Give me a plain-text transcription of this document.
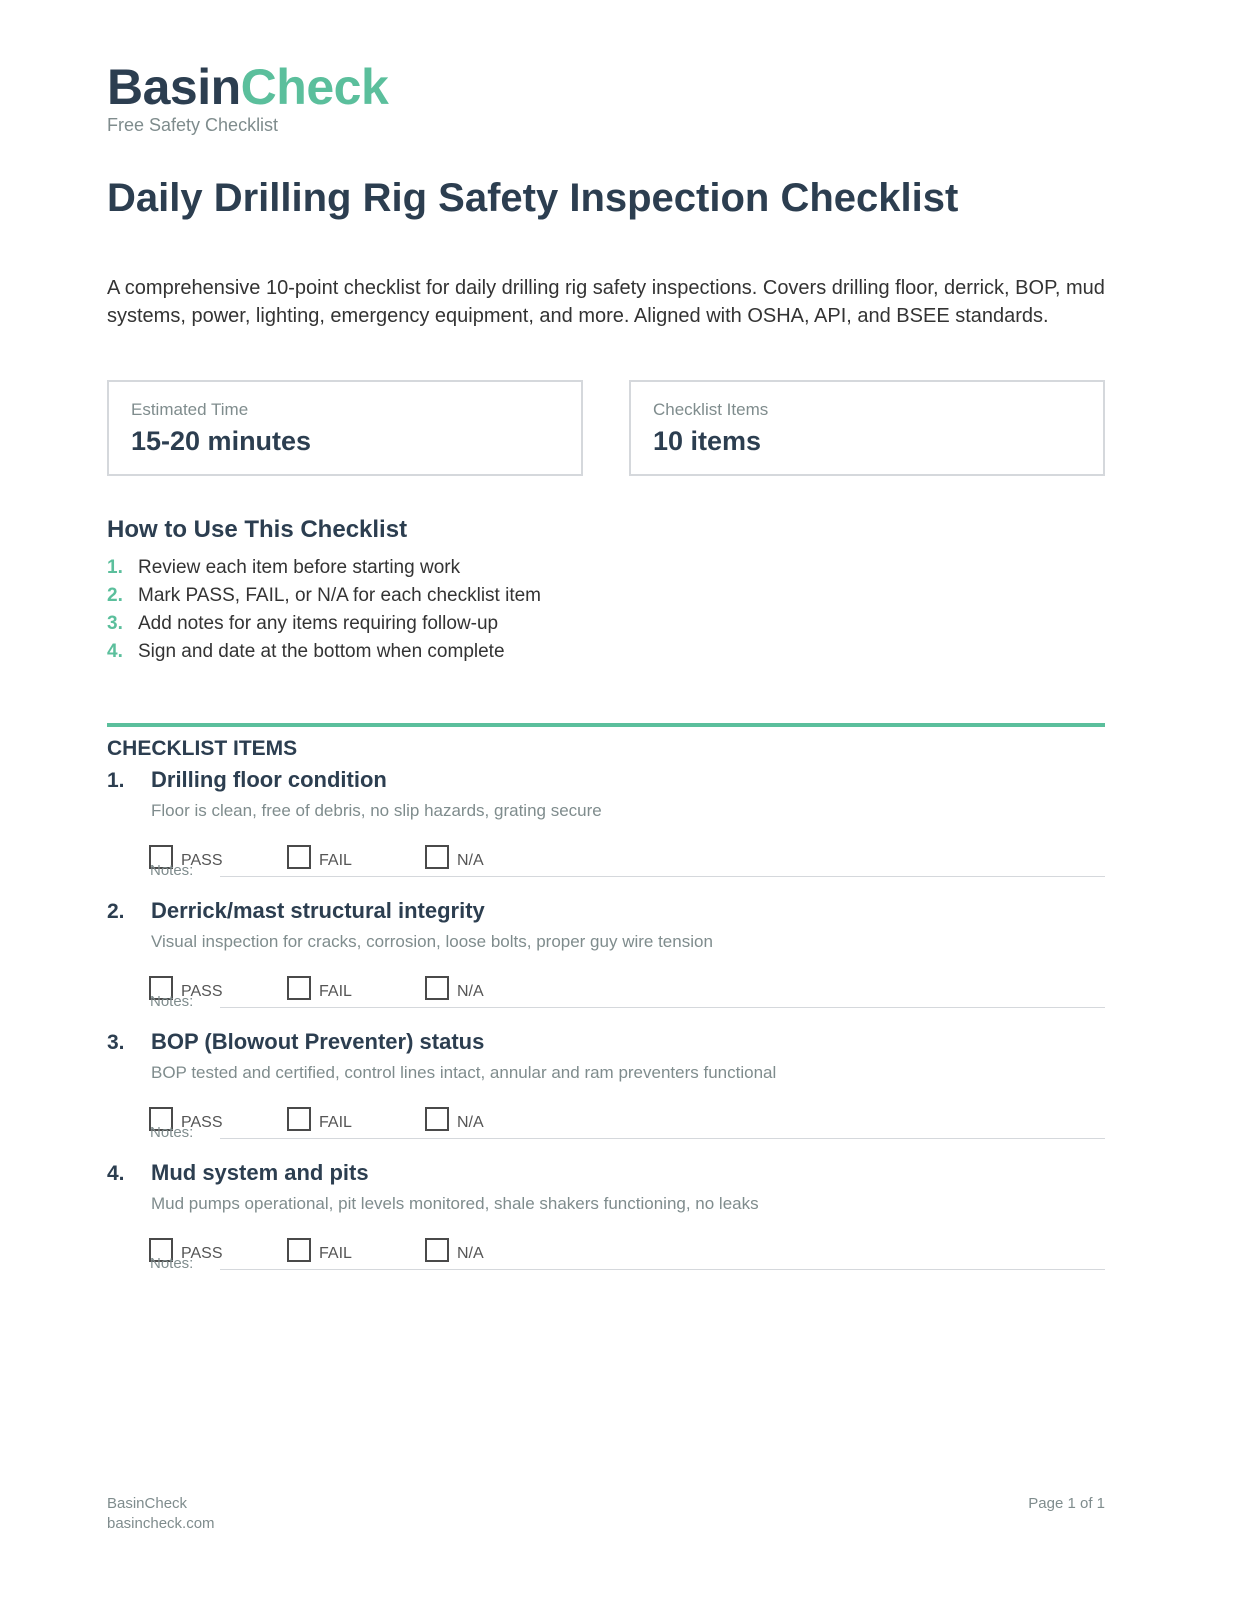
BasinCheck
Free Safety Checklist
Daily Drilling Rig Safety Inspection Checklist

A comprehensive 10-point checklist for daily drilling rig safety inspections. Covers drilling floor, derrick, BOP, mud systems, power, lighting, emergency equipment, and more. Aligned with OSHA, API, and BSEE standards.

Estimated Time
15-20 minutes
Checklist Items
10 items
How to Use This Checklist
1. Review each item before starting work
2. Mark PASS, FAIL, or N/A for each checklist item
3. Add notes for any items requiring follow-up
4. Sign and date at the bottom when complete
CHECKLIST ITEMS
1.	Drilling floor condition
Floor is clean, free of debris, no slip hazards, grating secure
PASS	FAIL	N/A
Notes:
2.	Derrick/mast structural integrity
Visual inspection for cracks, corrosion, loose bolts, proper guy wire tension
PASS	FAIL	N/A
Notes:
3.	BOP (Blowout Preventer) status
BOP tested and certified, control lines intact, annular and ram preventers functional
PASS	FAIL	N/A
Notes:
4.	Mud system and pits
Mud pumps operational, pit levels monitored, shale shakers functioning, no leaks
PASS	FAIL	N/A
Notes:
BasinCheck
basincheck.com
Page 1 of 1
